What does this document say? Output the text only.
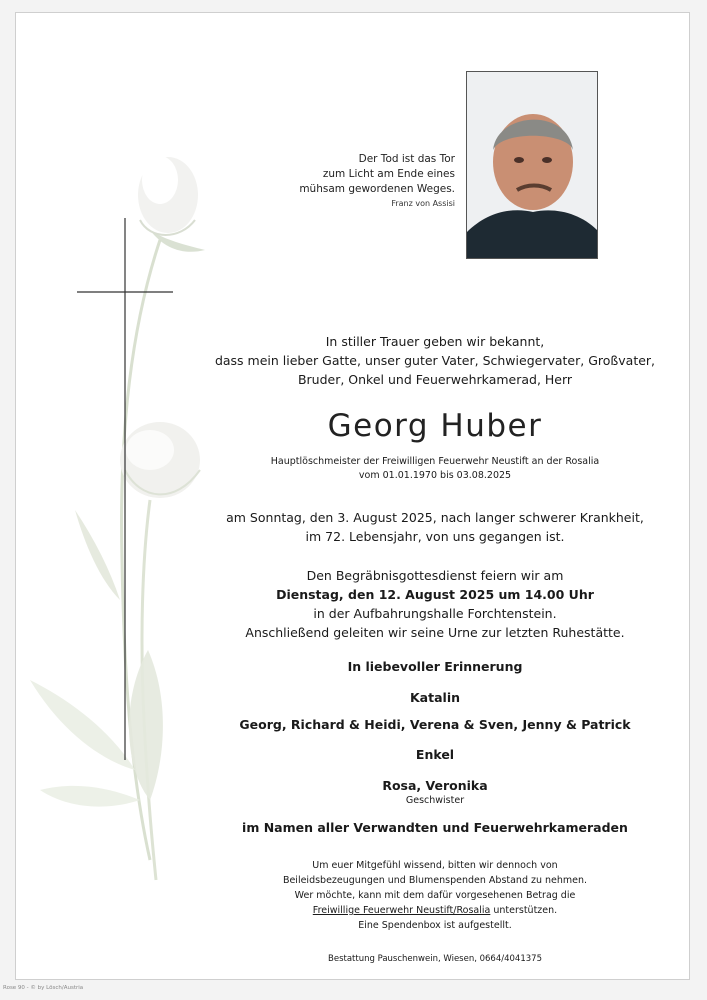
Der Tod ist das Tor
zum Licht am Ende eines
mühsam gewordenen Weges.
Franz von Assisi
In stiller Trauer geben wir bekannt,
dass mein lieber Gatte, unser guter Vater, Schwiegervater, Großvater,
Bruder, Onkel und Feuerwehrkamerad, Herr
Georg Huber
Hauptlöschmeister der Freiwilligen Feuerwehr Neustift an der Rosalia
vom 01.01.1970 bis 03.08.2025
am Sonntag, den 3. August 2025, nach langer schwerer Krankheit,
im 72. Lebensjahr, von uns gegangen ist.
Den Begräbnisgottesdienst feiern wir am
Dienstag, den 12. August 2025 um 14.00 Uhr
in der Aufbahrungshalle Forchtenstein.
Anschließend geleiten wir seine Urne zur letzten Ruhestätte.
In liebevoller Erinnerung
Katalin
Georg, Richard & Heidi, Verena & Sven, Jenny & Patrick
Enkel
Rosa, Veronika
Geschwister
im Namen aller Verwandten und Feuerwehrkameraden
Um euer Mitgefühl wissend, bitten wir dennoch von
Beileidsbezeugungen und Blumenspenden Abstand zu nehmen.
Wer möchte, kann mit dem dafür vorgesehenen Betrag die
Freiwillige Feuerwehr Neustift/Rosalia unterstützen.
Eine Spendenbox ist aufgestellt.
Bestattung Pauschenwein, Wiesen, 0664/4041375
Rose 90 - © by Lösch/Austria
